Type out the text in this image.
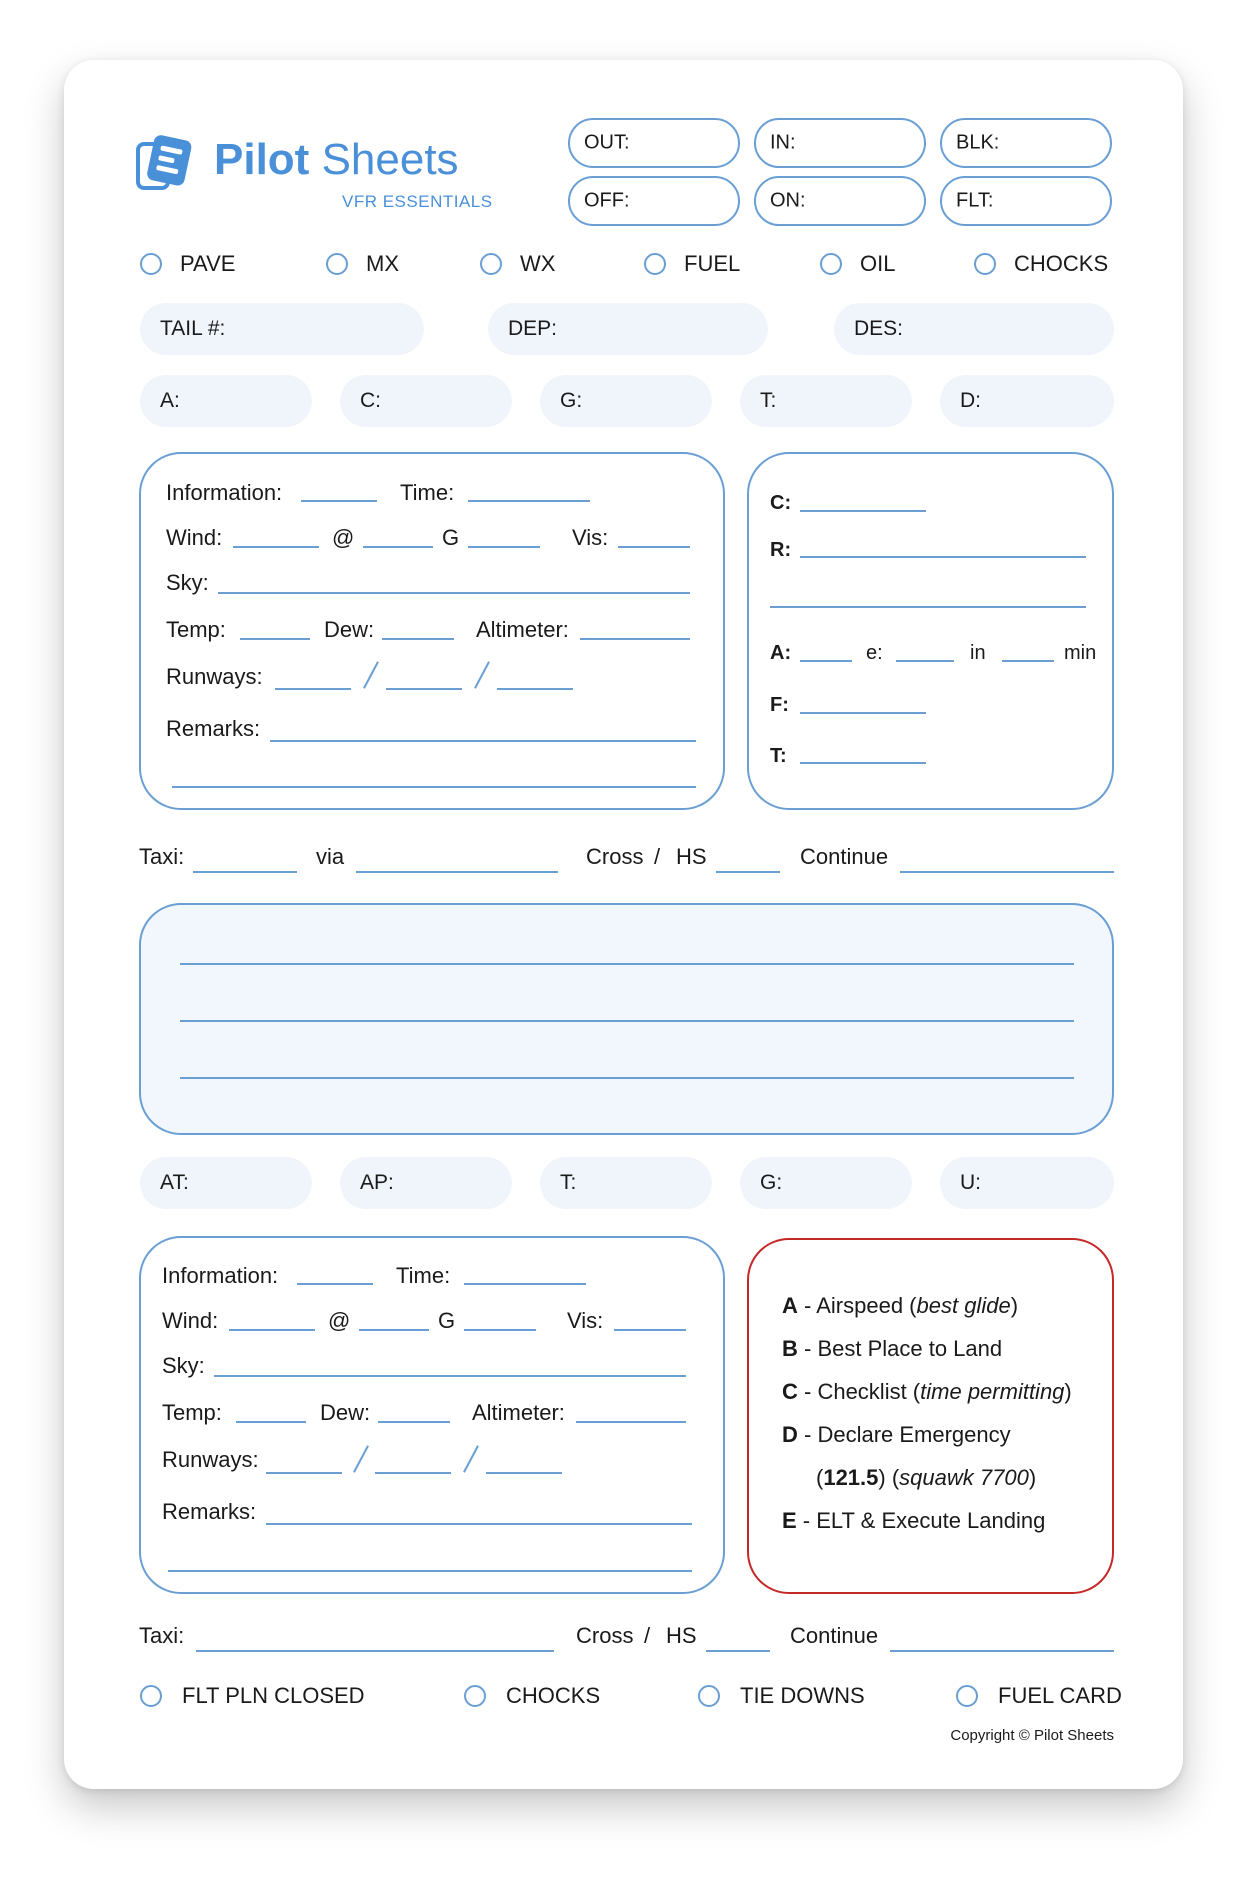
Pilot Sheets
VFR ESSENTIALS
OUT:	IN:	BLK:
OFF:	ON:	FLT:
PAVE	MX	WX	FUEL	OIL	CHOCKS
TAIL #:	DEP:	DES:
A:	C:	G:	T:	D:
Information:	Time:
Wind:	@	G	Vis:
Sky:
Temp:	Dew:	Altimeter:
Runways:
Remarks:
C:
R:
A:	e:	in	min
F:
T:
Taxi:	via	Cross / HS	Continue
AT:	AP:	T:	G:	U:
Information:	Time:
Wind:	@	G	Vis:
Sky:
Temp:	Dew:	Altimeter:
Runways:
Remarks:
A - Airspeed (best glide)
B - Best Place to Land
C - Checklist (time permitting)
D - Declare Emergency
(121.5) (squawk 7700)
E - ELT & Execute Landing
Taxi:	Cross / HS	Continue
FLT PLN CLOSED	CHOCKS	TIE DOWNS	FUEL CARD
Copyright © Pilot Sheets
